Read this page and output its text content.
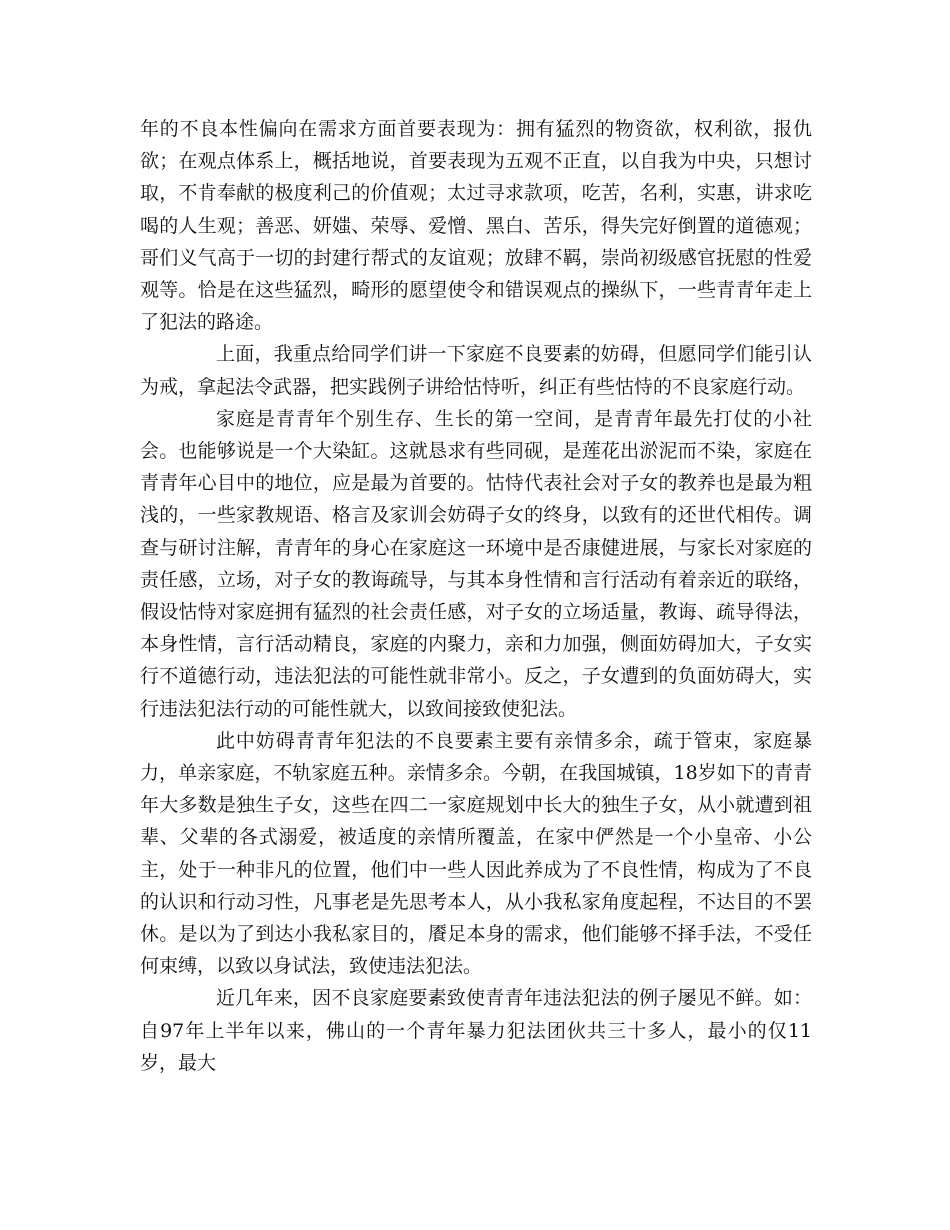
年的不良本性偏向在需求方面首要表现为：拥有猛烈的物资欲，权利欲，报仇欲；在观点体系上，概括地说，首要表现为五观不正直，以自我为中央，只想讨取，不肯奉献的极度利己的价值观；太过寻求款项，吃苦，名利，实惠，讲求吃喝的人生观；善恶、妍媸、荣辱、爱憎、黑白、苦乐，得失完好倒置的道德观；哥们义气高于一切的封建行帮式的友谊观；放肆不羁，崇尚初级感官抚慰的性爱观等。恰是在这些猛烈，畸形的愿望使令和错误观点的操纵下，一些青青年走上了犯法的路途。

上面，我重点给同学们讲一下家庭不良要素的妨碍，但愿同学们能引认为戒，拿起法令武器，把实践例子讲给怙恃听，纠正有些怙恃的不良家庭行动。

家庭是青青年个别生存、生长的第一空间，是青青年最先打仗的小社会。也能够说是一个大染缸。这就恳求有些同砚，是莲花出淤泥而不染，家庭在青青年心目中的地位，应是最为首要的。怙恃代表社会对子女的教养也是最为粗浅的，一些家教规语、格言及家训会妨碍子女的终身，以致有的还世代相传。调查与研讨注解，青青年的身心在家庭这一环境中是否康健进展，与家长对家庭的责任感，立场，对子女的教诲疏导，与其本身性情和言行活动有着亲近的联络，假设怙恃对家庭拥有猛烈的社会责任感，对子女的立场适量，教诲、疏导得法，本身性情，言行活动精良，家庭的内聚力，亲和力加强，侧面妨碍加大，子女实行不道德行动，违法犯法的可能性就非常小。反之，子女遭到的负面妨碍大，实行违法犯法行动的可能性就大，以致间接致使犯法。

此中妨碍青青年犯法的不良要素主要有亲情多余，疏于管束，家庭暴力，单亲家庭，不轨家庭五种。亲情多余。今朝，在我国城镇，18岁如下的青青年大多数是独生子女，这些在四二一家庭规划中长大的独生子女，从小就遭到祖辈、父辈的各式溺爱，被适度的亲情所覆盖，在家中俨然是一个小皇帝、小公主，处于一种非凡的位置，他们中一些人因此养成为了不良性情，构成为了不良的认识和行动习性，凡事老是先思考本人，从小我私家角度起程，不达目的不罢休。是以为了到达小我私家目的，餍足本身的需求，他们能够不择手法，不受任何束缚，以致以身试法，致使违法犯法。

近几年来，因不良家庭要素致使青青年违法犯法的例子屡见不鲜。如：自97年上半年以来，佛山的一个青年暴力犯法团伙共三十多人，最小的仅11岁，最大
